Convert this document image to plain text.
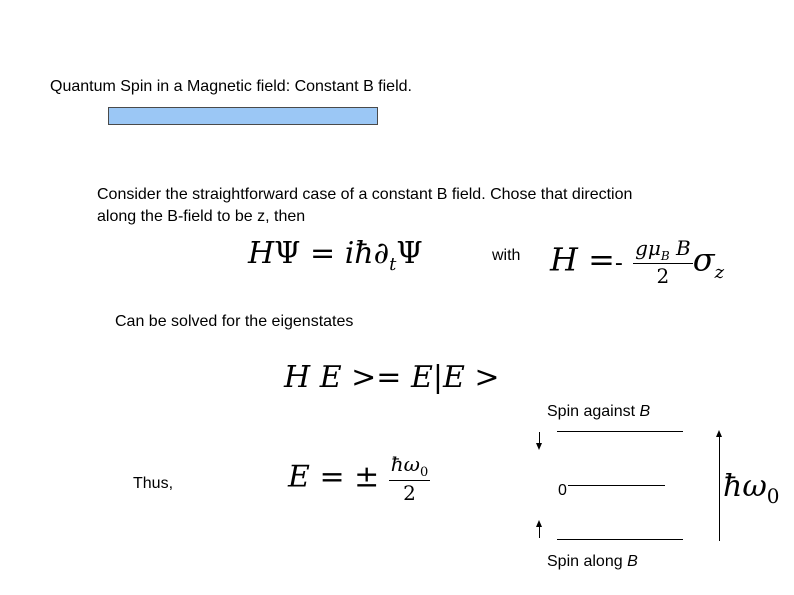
Quantum Spin in a Magnetic field: Constant B field.
Consider the straightforward case of a constant B field. Chose that direction
along the B-field to be z, then
$H\Psi = iħ\partial_t\Psi$	with $H =- \frac{g\mu_B B}{2} \sigma_z$
Can be solved for the eigenstates
H E >= E|E >
Thus,	E = ± $\frac{ħ\omega_0}{2}$
Spin against B
0	$ħ\omega_0$
Spin along B
